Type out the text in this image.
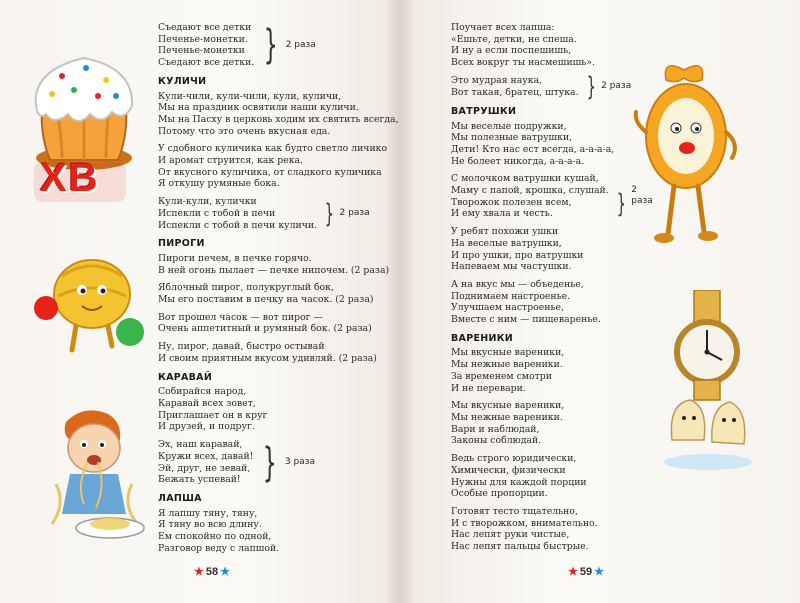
ХВ
Съедают все детки
Печенье-монетки.
Печенье-монетки
Съедают все детки. } 2 раза
КУЛИЧИ
Кули-чили, кули-чили, кули, куличи,
Мы на праздник освятили наши куличи.
Мы на Пасху в церковь ходим их святить всегда,
Потому что это очень вкусная еда.
У сдобного куличика как будто светло личико
И аромат струится, как река.
От вкусного куличика, от сладкого куличика
Я откушу румяные бока.
Кули-кули, кулички
Испекли с тобой в печи
Испекли с тобой в печи куличи. } 2 раза
ПИРОГИ
Пироги печем, в печке горячо.
В ней огонь пылает — печке нипочем. (2 раза)
Яблочный пирог, полукруглый бок,
Мы его поставим в печку на часок. (2 раза)
Вот прошел часок — вот пирог —
Очень аппетитный и румяный бок. (2 раза)
Ну, пирог, давай, быстро остывай
И своим приятным вкусом удивляй. (2 раза)
КАРАВАЙ
Собирайся народ,
Каравай всех зовет,
Приглашает он в круг
И друзей, и подруг.
Эх, наш каравай,
Кружи всех, давай!
Эй, друг, не зевай,
Бежать успевай! } 3 раза
ЛАПША
Я лапшу тяну, тяну,
Я тяну во всю длину.
Ем спокойно по одной,
Разговор веду с лапшой.
★ 58 ★
Поучает всех лапша:
«Ешьте, детки, не спеша.
И ну а если поспешишь,
Всех вокруг ты насмешишь».
Это мудрая наука,
Вот такая, братец, штука. } 2 раза
ВАТРУШКИ
Мы веселые подружки,
Мы полезные ватрушки,
Дети! Кто нас ест всегда, а-а-а-а,
Не болеет никогда, а-а-а-а.
С молочком ватрушки кушай,
Маму с папой, крошка, слушай.
Творожок полезен всем,
И ему хвала и честь.	} 2 раза
У ребят похожи ушки
На веселые ватрушки,
И про ушки, про ватрушки
Напеваем мы частушки.
А на вкус мы — объеденье,
Поднимаем настроенье.
Улучшаем настроенье,
Вместе с ним — пищеваренье.
ВАРЕНИКИ
Мы вкусные вареники,
Мы нежные вареники.
За временем смотри
И не перевари.
Мы вкусные вареники,
Мы нежные вареники.
Вари и наблюдай,
Законы соблюдай.
Ведь строго юридически,
Химически, физически
Нужны для каждой порции
Особые пропорции.
Готовят тесто тщательно,
И с творожком, внимательно.
Нас лепят руки чистые,
Нас лепят пальцы быстрые.
★ 59 ★
